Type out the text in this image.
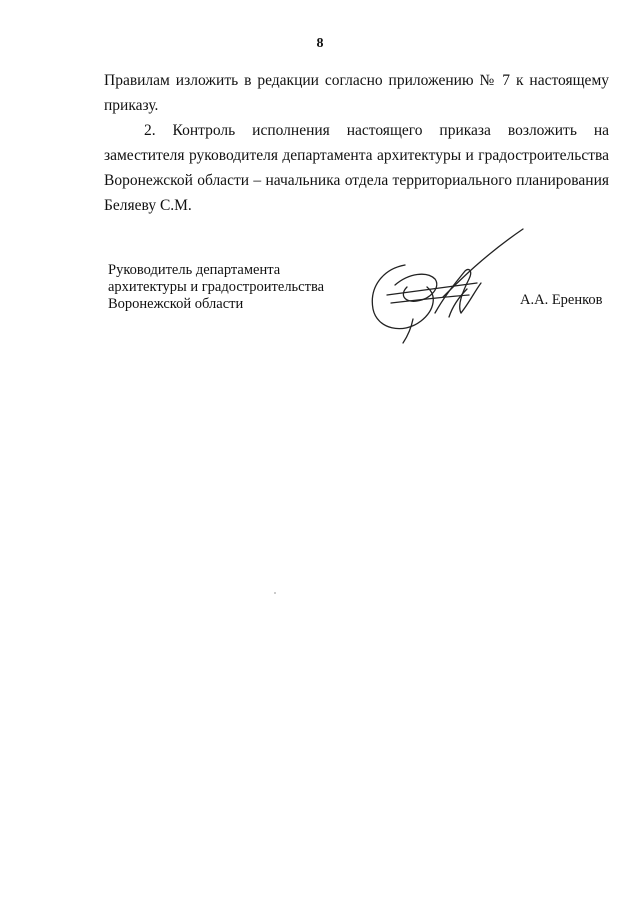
8
Правилам изложить в редакции согласно приложению № 7 к настоящему
приказу.
2. Контроль исполнения настоящего приказа возложить на
заместителя руководителя департамента архитектуры и градостроительства
Воронежской области – начальника отдела территориального планирования
Беляеву С.М.
Руководитель департамента
архитектуры и градостроительства
Воронежской области	А.А. Еренков
